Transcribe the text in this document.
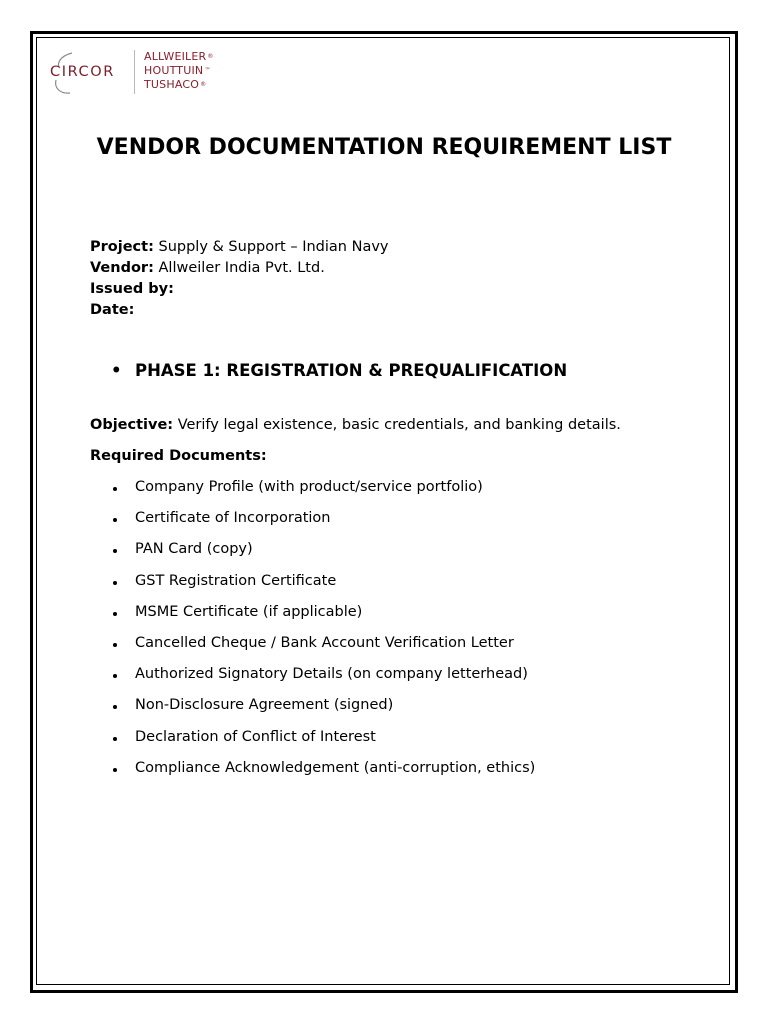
CIRCOR
ALLWEILER®
HOUTTUIN™
TUSHACO®
VENDOR DOCUMENTATION REQUIREMENT LIST
Project: Supply & Support – Indian Navy
Vendor: Allweiler India Pvt. Ltd.
Issued by:
Date:
• PHASE 1: REGISTRATION & PREQUALIFICATION
Objective: Verify legal existence, basic credentials, and banking details.
Required Documents:
Company Profile (with product/service portfolio)
Certificate of Incorporation
PAN Card (copy)
GST Registration Certificate
MSME Certificate (if applicable)
Cancelled Cheque / Bank Account Verification Letter
Authorized Signatory Details (on company letterhead)
Non-Disclosure Agreement (signed)
Declaration of Conflict of Interest
Compliance Acknowledgement (anti-corruption, ethics)
